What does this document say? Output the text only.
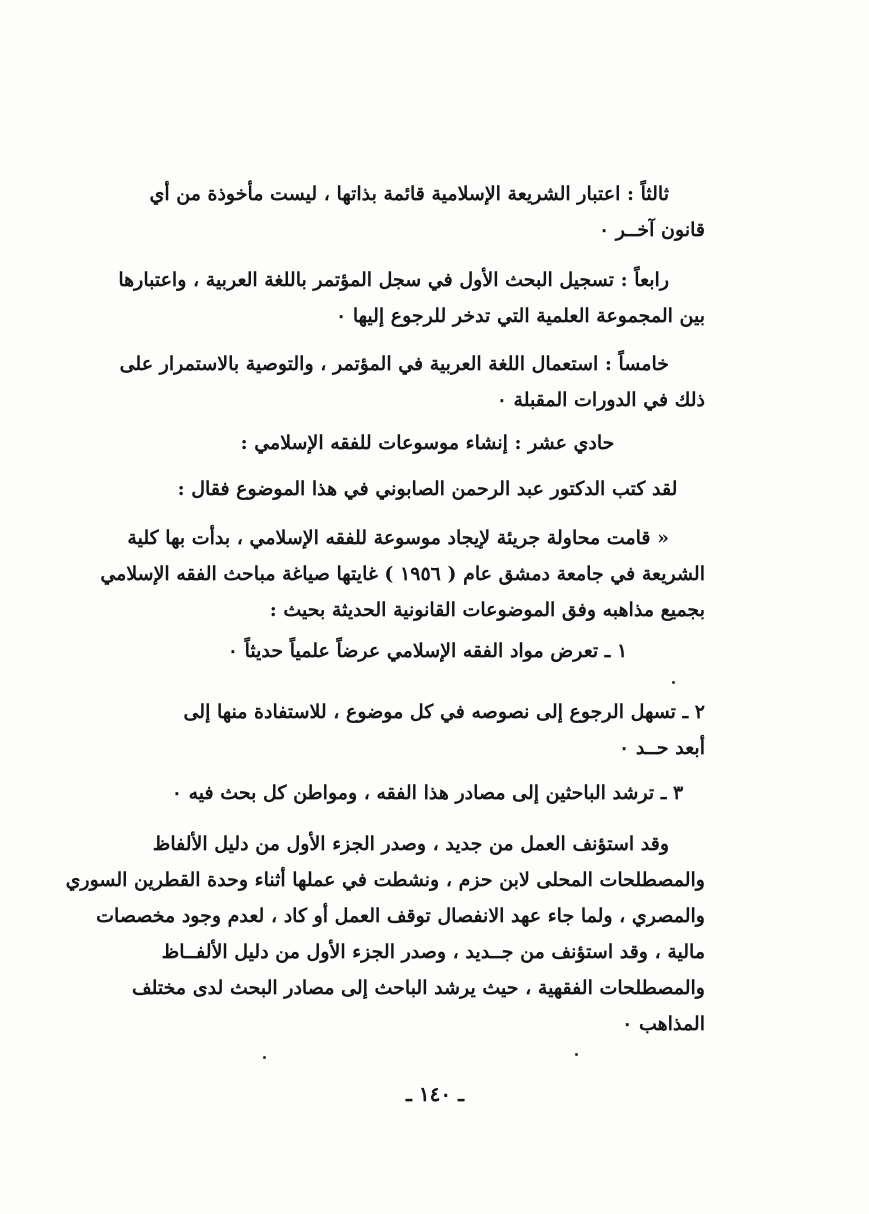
ثالثاً : اعتبار الشريعة الإسلامية قائمة بذاتها ، ليست مأخوذة من أي
قانون آخــر ٠
رابعاً : تسجيل البحث الأول في سجل المؤتمر باللغة العربية ، واعتبارها
بين المجموعة العلمية التي تدخر للرجوع إليها ٠
خامساً : استعمال اللغة العربية في المؤتمر ، والتوصية بالاستمرار على
ذلك في الدورات المقبلة ٠
حادي عشر : إنشاء موسوعات للفقه الإسلامي :
لقد كتب الدكتور عبد الرحمن الصابوني في هذا الموضوع فقال :
« قامت محاولة جريئة لإيجاد موسوعة للفقه الإسلامي ، بدأت بها كلية
الشريعة في جامعة دمشق عام ( ١٩٥٦ ) غايتها صياغة مباحث الفقه الإسلامي
بجميع مذاهبه وفق الموضوعات القانونية الحديثة بحيث :
١ ـ تعرض مواد الفقه الإسلامي عرضاً علمياً حديثاً ٠
٢ ـ تسهل الرجوع إلى نصوصه في كل موضوع ، للاستفادة منها إلى
أبعد حــد ٠
٣ ـ ترشد الباحثين إلى مصادر هذا الفقه ، ومواطن كل بحث فيه ٠
وقد استؤنف العمل من جديد ، وصدر الجزء الأول من دليل الألفاظ
والمصطلحات المحلى لابن حزم ، ونشطت في عملها أثناء وحدة القطرين السوري
والمصري ، ولما جاء عهد الانفصال توقف العمل أو كاد ، لعدم وجود مخصصات
مالية ، وقد استؤنف من جــديد ، وصدر الجزء الأول من دليل الألفــاظ
والمصطلحات الفقهية ، حيث يرشد الباحث إلى مصادر البحث لدى مختلف
المذاهب ٠
ـ ١٤٠ ـ
